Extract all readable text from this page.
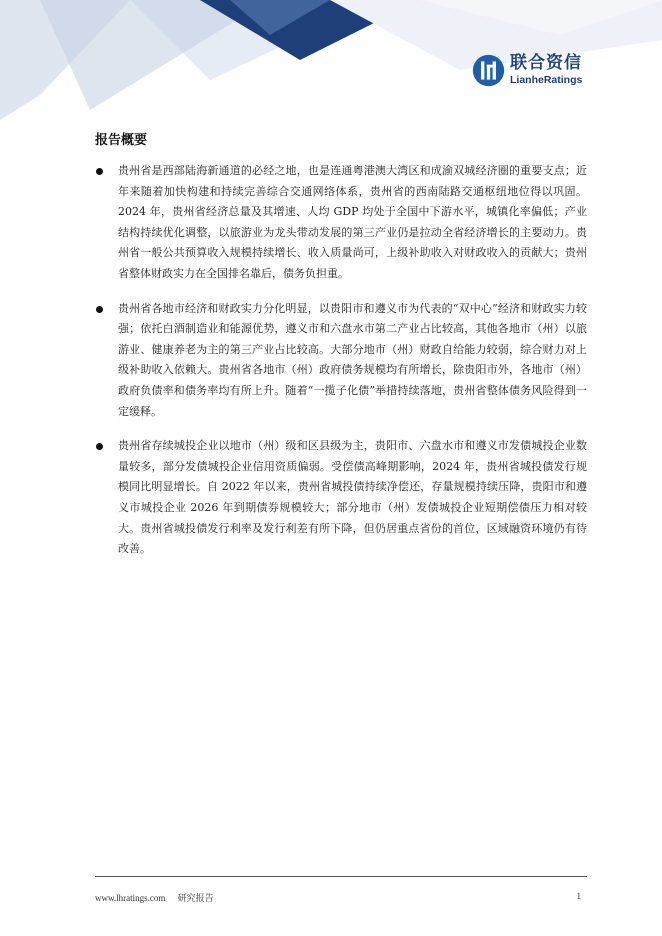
联合资信
LianheRatings
报告概要
贵州省是西部陆海新通道的必经之地，也是连通粤港澳大湾区和成渝双城经济圈的重要支点；近年来随着加快构建和持续完善综合交通网络体系，贵州省的西南陆路交通枢纽地位得以巩固。2024 年，贵州省经济总量及其增速、人均 GDP 均处于全国中下游水平，城镇化率偏低；产业结构持续优化调整，以旅游业为龙头带动发展的第三产业仍是拉动全省经济增长的主要动力。贵州省一般公共预算收入规模持续增长、收入质量尚可，上级补助收入对财政收入的贡献大；贵州省整体财政实力在全国排名靠后，债务负担重。
贵州省各地市经济和财政实力分化明显，以贵阳市和遵义市为代表的“双中心”经济和财政实力较强；依托白酒制造业和能源优势，遵义市和六盘水市第二产业占比较高，其他各地市（州）以旅游业、健康养老为主的第三产业占比较高。大部分地市（州）财政自给能力较弱，综合财力对上级补助收入依赖大。贵州省各地市（州）政府债务规模均有所增长，除贵阳市外，各地市（州）政府负债率和债务率均有所上升。随着“一揽子化债”举措持续落地，贵州省整体债务风险得到一定缓释。
贵州省存续城投企业以地市（州）级和区县级为主，贵阳市、六盘水市和遵义市发债城投企业数量较多，部分发债城投企业信用资质偏弱。受偿债高峰期影响，2024 年，贵州省城投债发行规模同比明显增长。自 2022 年以来，贵州省城投债持续净偿还，存量规模持续压降，贵阳市和遵义市城投企业 2026 年到期债券规模较大；部分地市（州）发债城投企业短期偿债压力相对较大。贵州省城投债发行利率及发行利差有所下降，但仍居重点省份的首位，区域融资环境仍有待改善。
www.lhratings.com 研究报告	1
